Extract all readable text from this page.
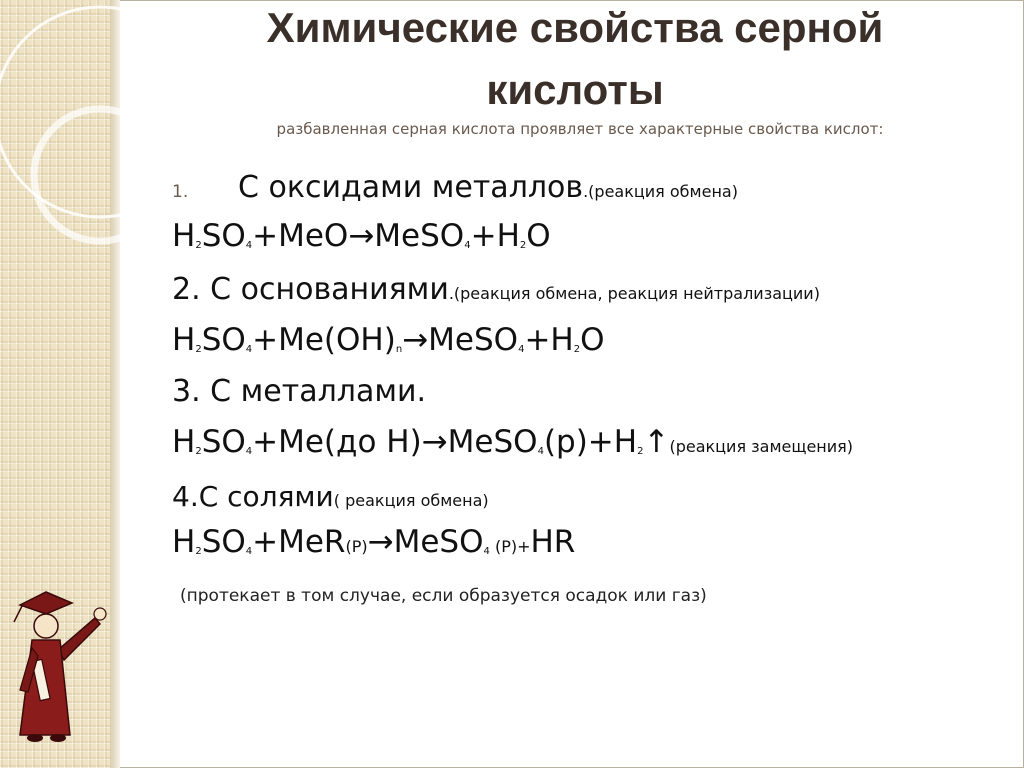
Химические свойства серной
кислоты
разбавленная серная кислота проявляет все характерные свойства кислот:
1. С оксидами металлов.(реакция обмена)
$H_2SO_4+MeO\to MeSO_4+H_2O$
2. С основаниями.(реакция обмена, реакция нейтрализации)
$H_2SO_4+Me(OH)_n\to MeSO_4+H_2O$
3. С металлами.
$H_2SO_4+Me(до$ $H)\to MeSO_4(р)+H_2↑(реакция$ замещения)
4.С солями( реакция обмена)
$H_2SO_4+MeR(P)\to MeSO_4$ (P)+HR
(протекает в том случае, если образуется осадок или газ)
